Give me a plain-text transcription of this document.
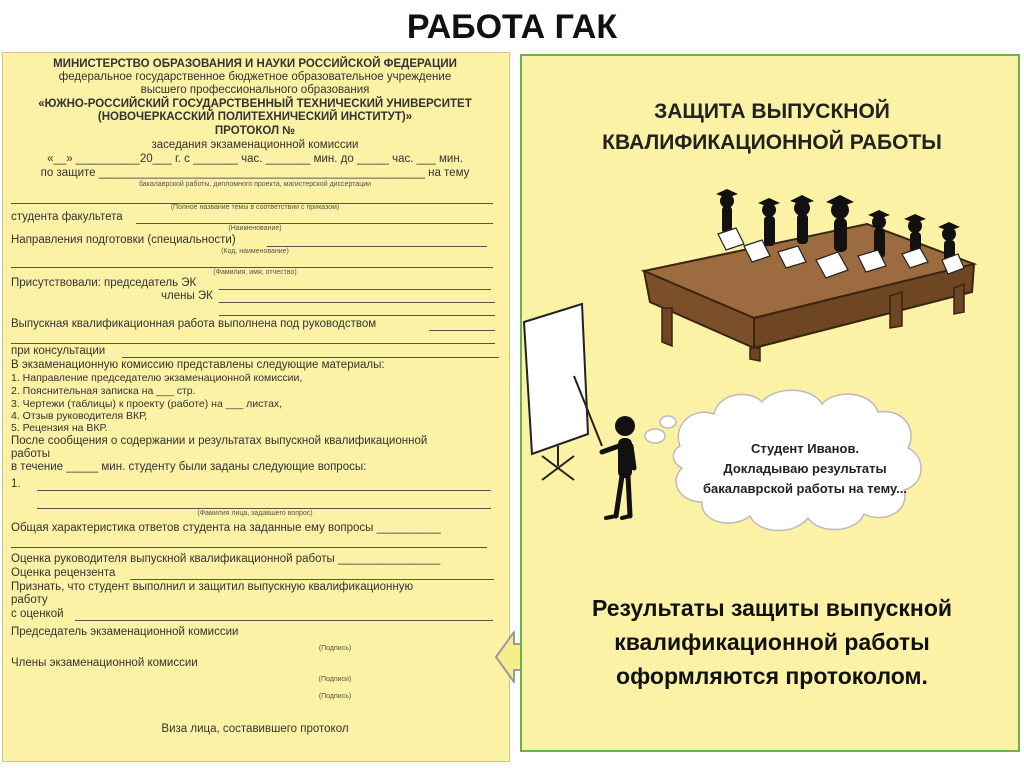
РАБОТА ГАК
МИНИСТЕРСТВО ОБРАЗОВАНИЯ И НАУКИ РОССИЙСКОЙ ФЕДЕРАЦИИ
федеральное государственное бюджетное образовательное учреждение
высшего профессионального образования
«ЮЖНО-РОССИЙСКИЙ ГОСУДАРСТВЕННЫЙ ТЕХНИЧЕСКИЙ УНИВЕРСИТЕТ
(НОВОЧЕРКАССКИЙ ПОЛИТЕХНИЧЕСКИЙ ИНСТИТУТ)»
ПРОТОКОЛ №
заседания экзаменационной комиссии
«__» __________20___ г. с _______ час. _______ мин. до _____ час. ___ мин.
по защите ___________________________________________________ на тему
бакалаврской работы, дипломного проекта, магистерской диссертации
(Полное название темы в соответствии с приказом)
студента факультета
(Наименование)
Направления подготовки (специальности)
(Код, наименование)
(Фамилия, имя, отчество)
Присутствовали: председатель ЭК
члены ЭК
Выпускная квалификационная работа выполнена под руководством
при консультации
В экзаменационную комиссию представлены следующие материалы:
1. Направление председателю экзаменационной комиссии,
2. Пояснительная записка на ___ стр.
3. Чертежи (таблицы) к проекту (работе) на ___ листах,
4. Отзыв руководителя ВКР,
5. Рецензия на ВКР.
После сообщения о содержании и результатах выпускной квалификационной
работы
в течение _____ мин. студенту были заданы следующие вопросы:
1.
(Фамилия лица, задавшего вопрос)
Общая характеристика ответов студента на заданные ему вопросы __________
Оценка руководителя выпускной квалификационной работы ________________
Оценка рецензента
Признать, что студент выполнил и защитил выпускную квалификационную
работу
с оценкой
Председатель экзаменационной комиссии
(Подпись)
Члены экзаменационной комиссии
(Подписи)
(Подпись)
Виза лица, составившего протокол
ЗАЩИТА ВЫПУСКНОЙ
КВАЛИФИКАЦИОННОЙ РАБОТЫ
Студент Иванов.
Докладываю результаты
бакалаврской работы на тему...
Результаты защиты выпускной
квалификационной работы
оформляются протоколом.
